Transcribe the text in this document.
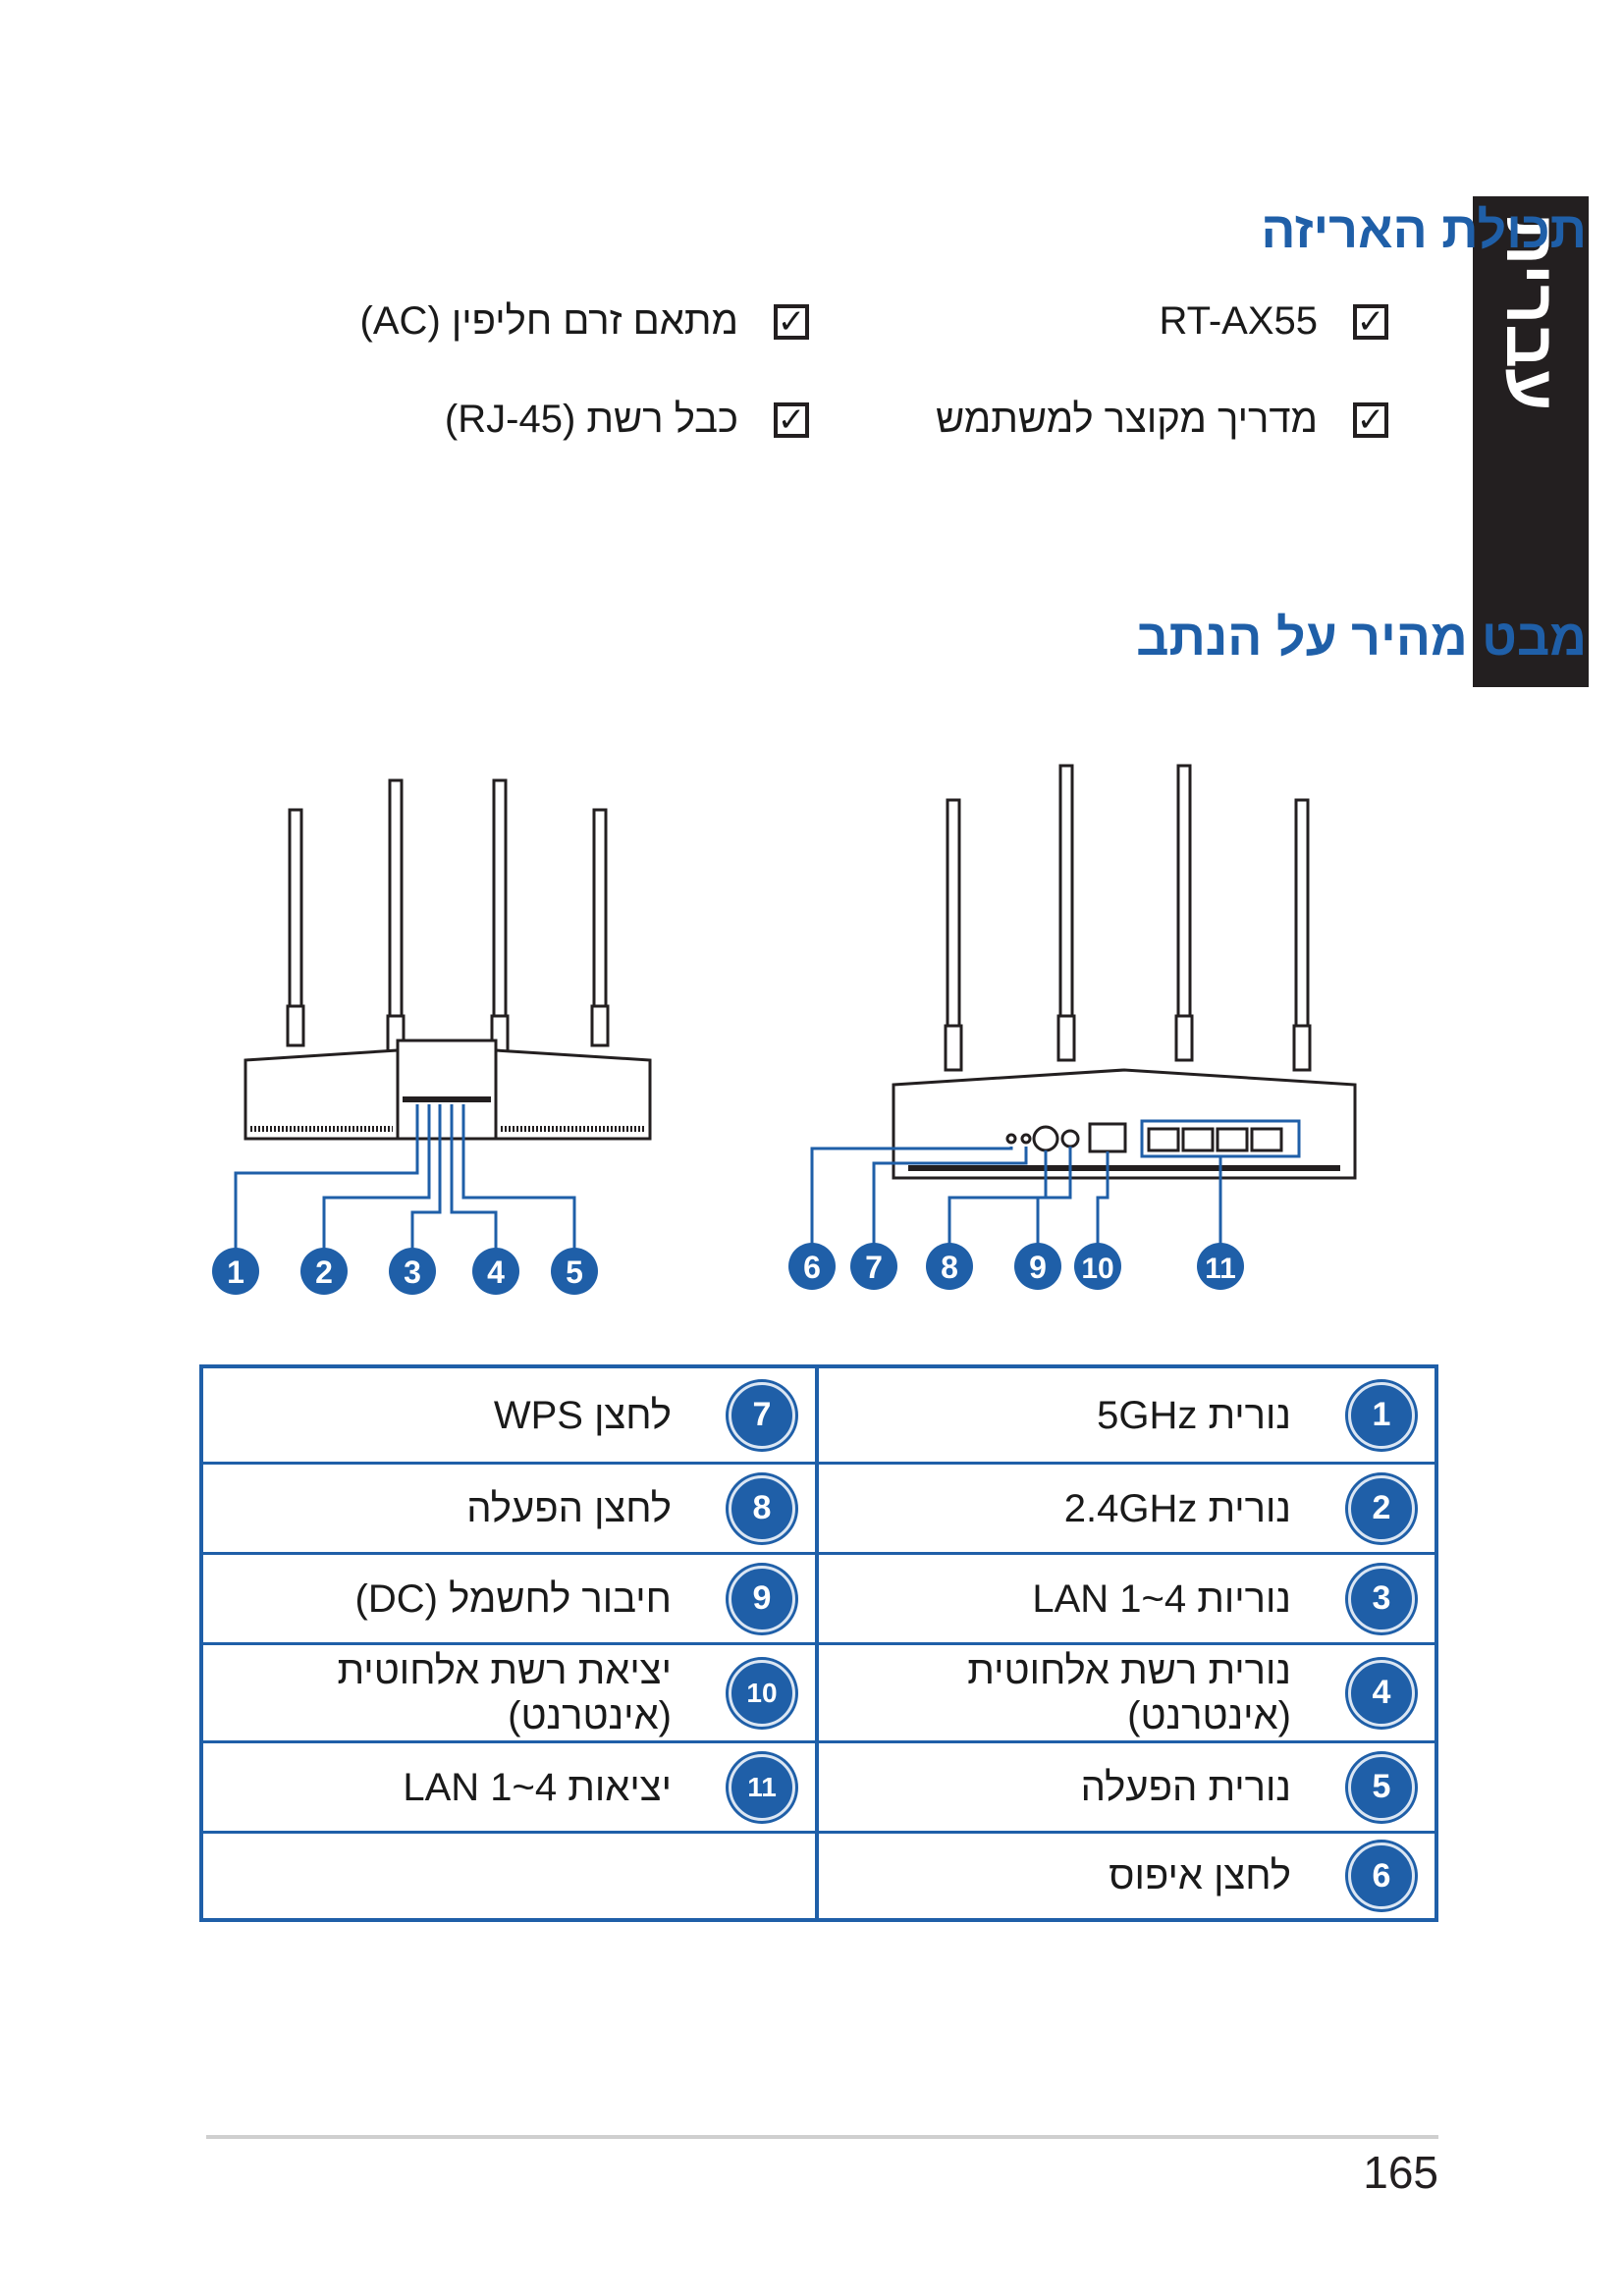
עברית
תכולת האריזה
✓
RT-AX55
✓
מתאם זרם חליפין (AC)
✓
מדריך מקוצר למשתמש
✓
כבל רשת (RJ-45)
מבט מהיר על הנתב
1 2 3 4 5	6 7 8 9 10	11
1
נורית 5GHz
2
נורית 2.4GHz
3
נוריות LAN 1~4
4
נורית רשת אלחוטית (אינטרנט)
5
נורית הפעלה
6
לחצן איפוס
7
לחצן WPS
8
לחצן הפעלה
9
חיבור לחשמל (DC)
10
יציאת רשת אלחוטית (אינטרנט)
11
יציאות LAN 1~4
165
